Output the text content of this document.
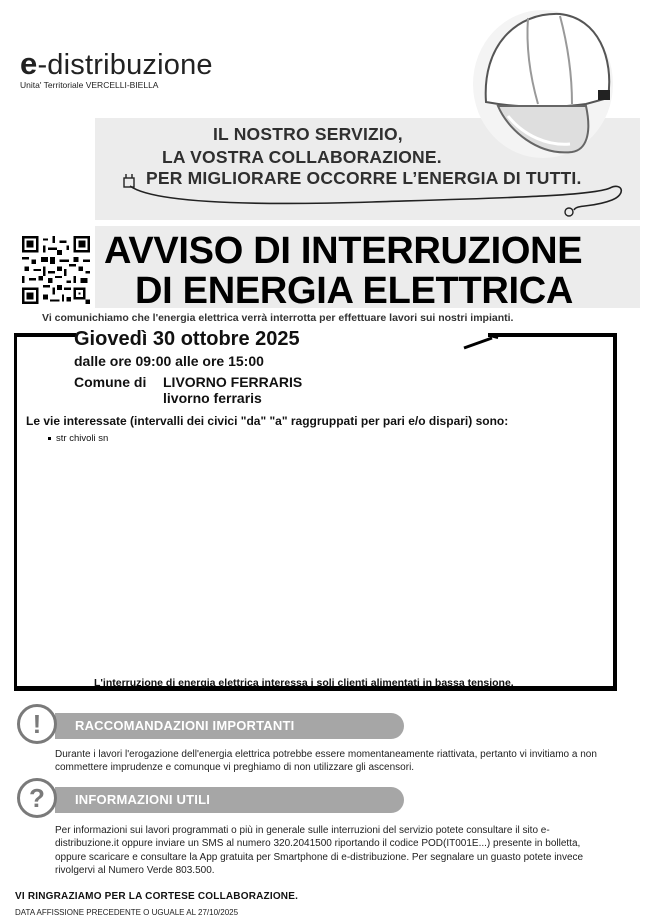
e-distribuzione
Unita' Territoriale VERCELLI-BIELLA
IL NOSTRO SERVIZIO,
LA VOSTRA COLLABORAZIONE.
PER MIGLIORARE OCCORRE L’ENERGIA DI TUTTI.
AVVISO DI INTERRUZIONE
DI ENERGIA ELETTRICA
Vi comunichiamo che l'energia elettrica verrà interrotta per effettuare lavori sui nostri impianti.
Giovedì 30 ottobre 2025
dalle ore 09:00 alle ore 15:00
Comune di LIVORNO FERRARIS
livorno ferraris
Le vie interessate (intervalli dei civici "da" "a" raggruppati per pari e/o dispari) sono:
str chivoli sn
L'interruzione di energia elettrica interessa i soli clienti alimentati in bassa tensione.
!	RACCOMANDAZIONI IMPORTANTI
Durante i lavori l'erogazione dell'energia elettrica potrebbe essere momentaneamente riattivata, pertanto vi invitiamo a non commettere imprudenze e comunque vi preghiamo di non utilizzare gli ascensori.
?	INFORMAZIONI UTILI
Per informazioni sui lavori programmati o più in generale sulle interruzioni del servizio potete consultare il sito e-distribuzione.it oppure inviare un SMS al numero 320.2041500 riportando il codice POD(IT001E...) presente in bolletta, oppure scaricare e consultare la App gratuita per Smartphone di e-distribuzione. Per segnalare un guasto potete invece rivolgervi al Numero Verde 803.500.
VI RINGRAZIAMO PER LA CORTESE COLLABORAZIONE.
DATA AFFISSIONE PRECEDENTE O UGUALE AL 27/10/2025
